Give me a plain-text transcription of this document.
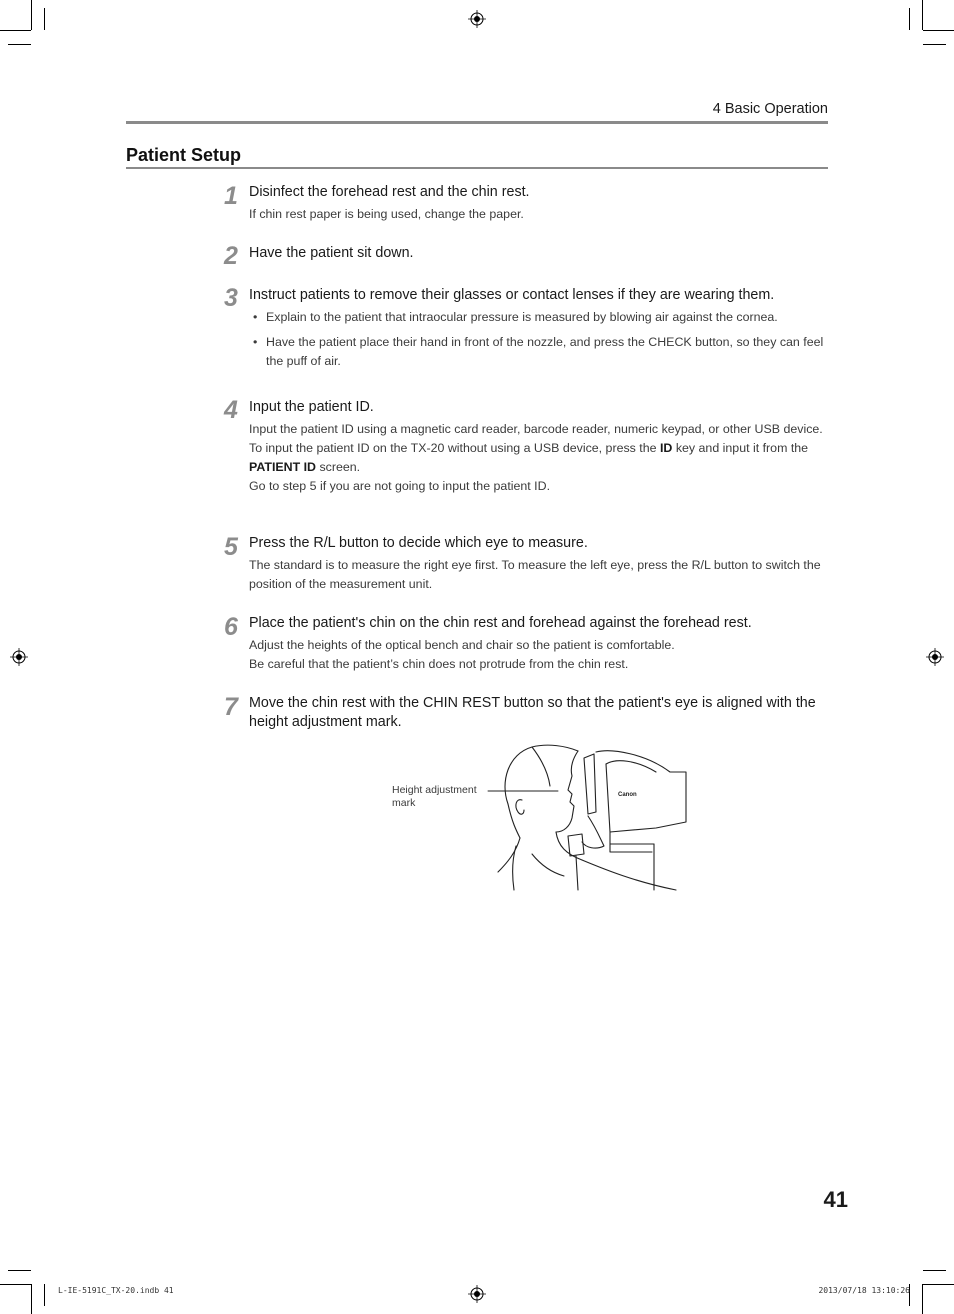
4 Basic Operation
Patient Setup
1 Disinfect the forehead rest and the chin rest.
If chin rest paper is being used, change the paper.
2 Have the patient sit down.
3 Instruct patients to remove their glasses or contact lenses if they are wearing them.
• Explain to the patient that intraocular pressure is measured by blowing air against the cornea.
• Have the patient place their hand in front of the nozzle, and press the CHECK button, so they can feel the puff of air.
4 Input the patient ID.
Input the patient ID using a magnetic card reader, barcode reader, numeric keypad, or other USB device.
To input the patient ID on the TX-20 without using a USB device, press the ID key and input it from the PATIENT ID screen.
Go to step 5 if you are not going to input the patient ID.
5 Press the R/L button to decide which eye to measure.
The standard is to measure the right eye first. To measure the left eye, press the R/L button to switch the position of the measurement unit.
6 Place the patient's chin on the chin rest and forehead against the forehead rest.
Adjust the heights of the optical bench and chair so the patient is comfortable.
Be careful that the patient’s chin does not protrude from the chin rest.
7 Move the chin rest with the CHIN REST button so that the patient's eye is aligned with the height adjustment mark.
Height adjustment mark
Canon
41
L-IE-5191C_TX-20.indb 41	2013/07/18 13:10:26
